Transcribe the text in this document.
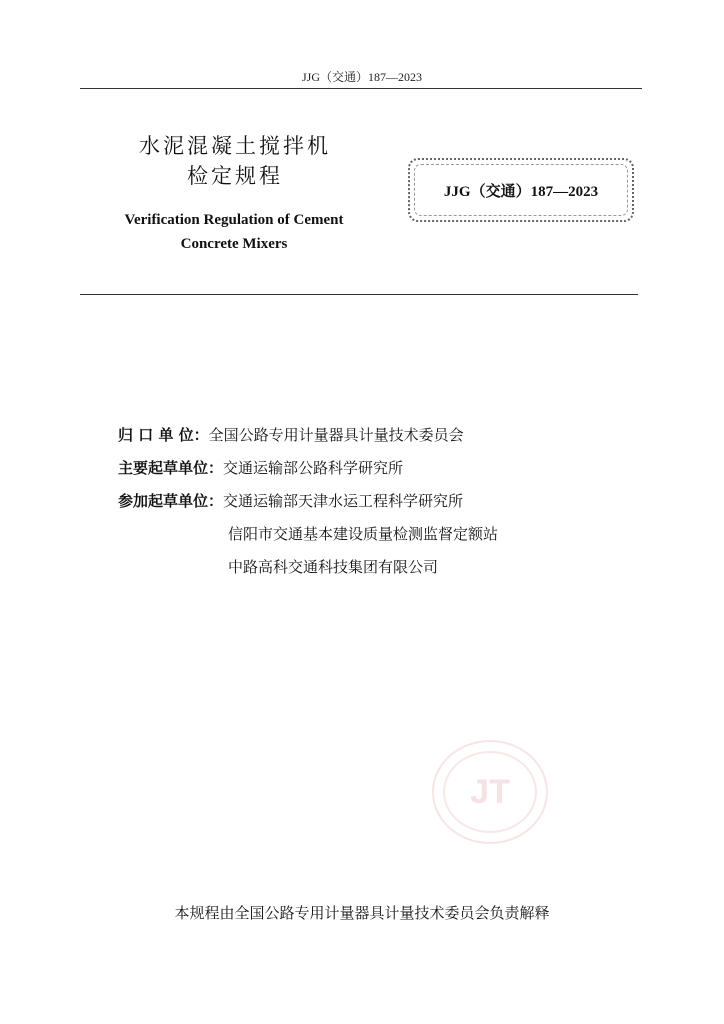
JJG（交通）187—2023
水泥混凝土搅拌机
检定规程
Verification Regulation of Cement
Concrete Mixers
JJG（交通）187—2023
归 口 单 位：全国公路专用计量器具计量技术委员会
主要起草单位：交通运输部公路科学研究所
参加起草单位：交通运输部天津水运工程科学研究所
信阳市交通基本建设质量检测监督定额站
中路高科交通科技集团有限公司
JT
本规程由全国公路专用计量器具计量技术委员会负责解释
